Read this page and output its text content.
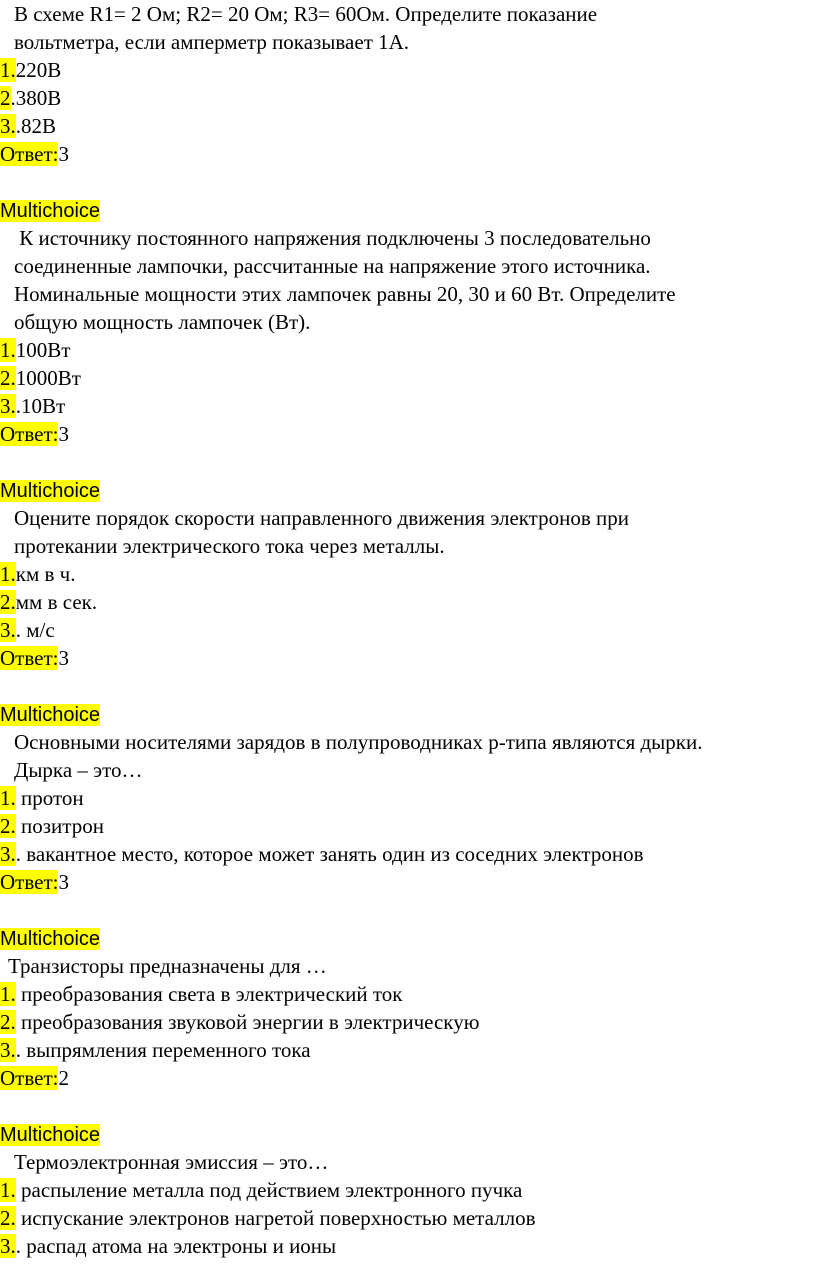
В схеме R1= 2 Ом; R2= 20 Ом; R3= 60Ом. Определите показание

вольтметра, если амперметр показывает 1А.

1.220В

2.380В

3..82В

Ответ:3

Multichoice

К источнику постоянного напряжения подключены 3 последовательно

соединенные лампочки, рассчитанные на напряжение этого источника.

Номинальные мощности этих лампочек равны 20, 30 и 60 Вт. Определите

общую мощность лампочек (Вт).

1.100Вт

2.1000Вт

3..10Вт

Ответ:3

Multichoice

Оцените порядок скорости направленного движения электронов при

протекании электрического тока через металлы.

1.км в ч.

2.мм в сек.

3.. м/с

Ответ:3

Multichoice

Основными носителями зарядов в полупроводниках р-типа являются дырки.

Дырка – это…

1. протон

2. позитрон

3.. вакантное место, которое может занять один из соседних электронов

Ответ:3

Multichoice

Транзисторы предназначены для …

1. преобразования света в электрический ток

2. преобразования звуковой энергии в электрическую

3.. выпрямления переменного тока

Ответ:2

Multichoice

Термоэлектронная эмиссия – это…

1. распыление металла под действием электронного пучка

2. испускание электронов нагретой поверхностью металлов

3.. распад атома на электроны и ионы
